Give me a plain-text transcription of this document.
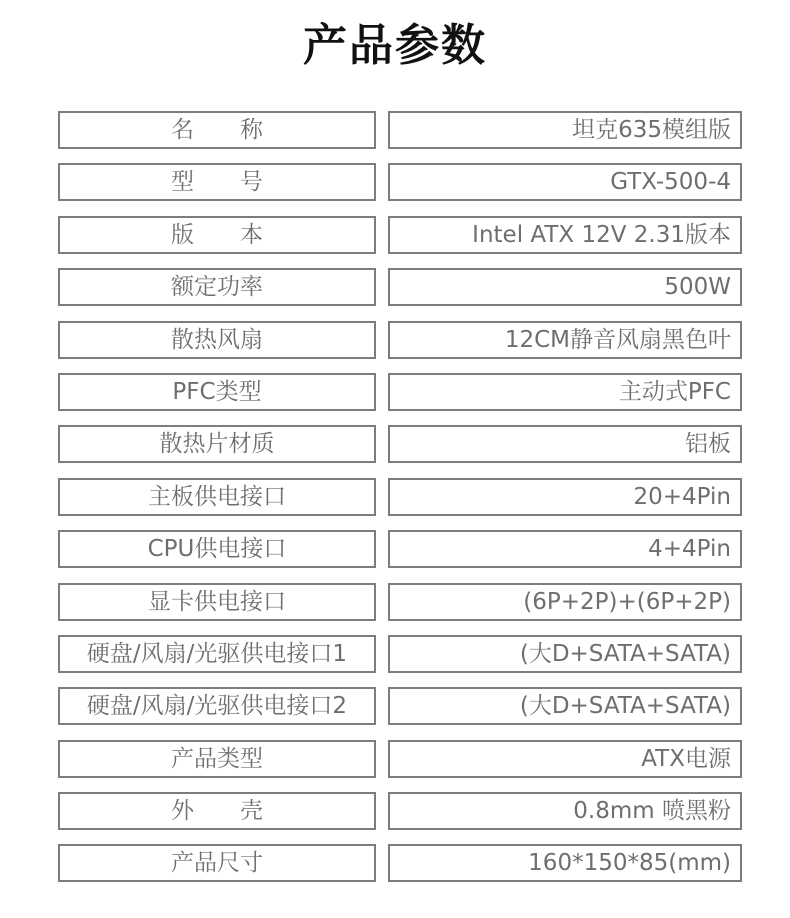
产品参数
名　　称	坦克635模组版
型　　号	GTX-500-4
版　　本	Intel ATX 12V 2.31版本
额定功率	500W
散热风扇	12CM静音风扇黑色叶
PFC类型	主动式PFC
散热片材质	铝板
主板供电接口	20+4Pin
CPU供电接口	4+4Pin
显卡供电接口	(6P+2P)+(6P+2P)
硬盘/风扇/光驱供电接口1	(大D+SATA+SATA)
硬盘/风扇/光驱供电接口2	(大D+SATA+SATA)
产品类型	ATX电源
外　　壳	0.8mm 喷黑粉
产品尺寸	160*150*85(mm)
